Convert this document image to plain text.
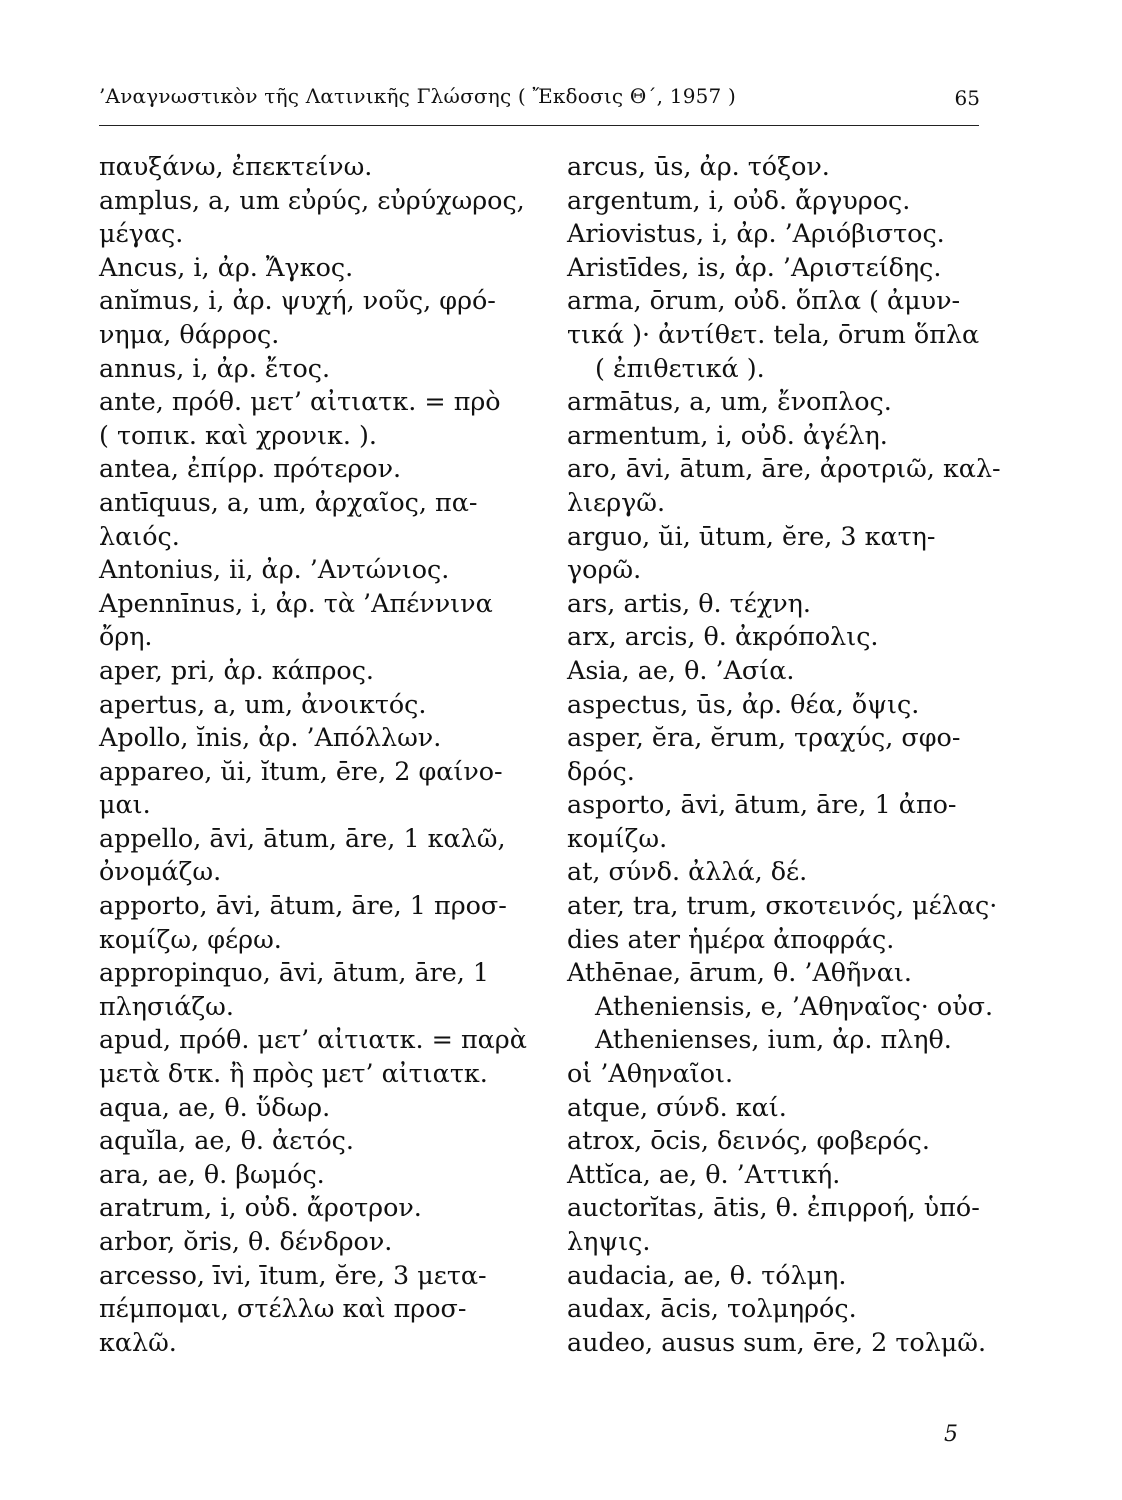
’Αναγνωστικὸν τῆς Λατινικῆς Γλώσσης ( Ἔκδοσις Θ΄, 1957 )	65
παυξάνω, ἐπεκτείνω.
amplus, a, um εὐρύς, εὐρύχωρος,
μέγας.
Ancus, i, ἀρ. Ἄγκος.
anĭmus, i, ἀρ. ψυχή, νοῦς, φρό-
νημα, θάρρος.
annus, i, ἀρ. ἔτος.
ante, πρόθ. μετ’ αἰτιατκ. = πρὸ
( τοπικ. καὶ χρονικ. ).
antea, ἐπίρρ. πρότερον.
antīquus, a, um, ἀρχαῖος, πα-
λαιός.
Antonius, ii, ἀρ. ’Αντώνιος.
Apennīnus, i, ἀρ. τὰ ’Απέννινα
ὄρη.
aper, pri, ἀρ. κάπρος.
apertus, a, um, ἀνοικτός.
Apollo, ĭnis, ἀρ. ’Απόλλων.
appareo, ŭi, ĭtum, ēre, 2 φαίνο-
μαι.
appello, āvi, ātum, āre, 1 καλῶ,
ὀνομάζω.
apporto, āvi, ātum, āre, 1 προσ-
κομίζω, φέρω.
appropinquo, āvi, ātum, āre, 1
πλησιάζω.
apud, πρόθ. μετ’ αἰτιατκ. = παρὰ
μετὰ δτκ. ἢ πρὸς μετ’ αἰτιατκ.
aqua, ae, θ. ὕδωρ.
aquĭla, ae, θ. ἀετός.
ara, ae, θ. βωμός.
aratrum, i, οὐδ. ἄροτρον.
arbor, ŏris, θ. δένδρον.
arcesso, īvi, ītum, ĕre, 3 μετα-
πέμπομαι, στέλλω καὶ προσ-
καλῶ.
arcus, ūs, ἀρ. τόξον.
argentum, i, οὐδ. ἄργυρος.
Ariovistus, i, ἀρ. ’Αριόβιστος.
Aristīdes, is, ἀρ. ’Αριστείδης.
arma, ōrum, οὐδ. ὅπλα ( ἀμυν-
τικά )· ἀντίθετ. tela, ōrum ὅπλα
( ἐπιθετικά ).
armātus, a, um, ἔνοπλος.
armentum, i, οὐδ. ἀγέλη.
aro, āvi, ātum, āre, ἀροτριῶ, καλ-
λιεργῶ.
arguo, ŭi, ūtum, ĕre, 3 κατη-
γορῶ.
ars, artis, θ. τέχνη.
arx, arcis, θ. ἀκρόπολις.
Asia, ae, θ. ’Ασία.
aspectus, ūs, ἀρ. θέα, ὄψις.
asper, ĕra, ĕrum, τραχύς, σφο-
δρός.
asporto, āvi, ātum, āre, 1 ἀπο-
κομίζω.
at, σύνδ. ἀλλά, δέ.
ater, tra, trum, σκοτεινός, μέλας·
dies ater ἡμέρα ἀποφράς.
Athēnae, ārum, θ. ’Αθῆναι.
Atheniensis, e, ’Αθηναῖος· οὐσ.
Athenienses, ium, ἀρ. πληθ.
οἱ ’Αθηναῖοι.
atque, σύνδ. καί.
atrox, ōcis, δεινός, φοβερός.
Attĭca, ae, θ. ’Αττική.
auctorĭtas, ātis, θ. ἐπιρροή, ὑπό-
ληψις.
audacia, ae, θ. τόλμη.
audax, ācis, τολμηρός.
audeo, ausus sum, ēre, 2 τολμῶ.
5
